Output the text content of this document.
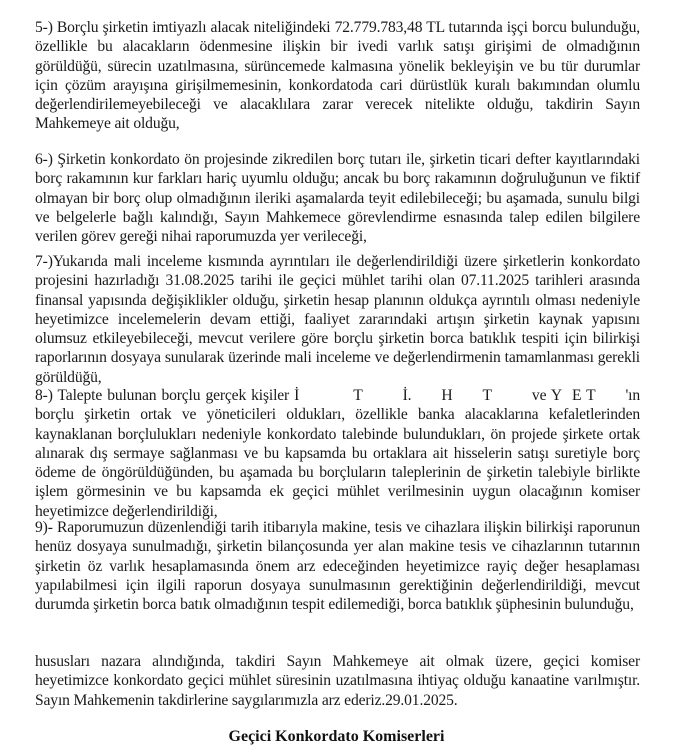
5-) Borçlu şirketin imtiyazlı alacak niteliğindeki 72.779.783,48 TL tutarında işçi borcu bulunduğu, özellikle bu alacakların ödenmesine ilişkin bir ivedi varlık satışı girişimi de olmadığının görüldüğü, sürecin uzatılmasına, sürüncemede kalmasına yönelik bekleyişin ve bu tür durumlar için çözüm arayışına girişilmemesinin, konkordatoda cari dürüstlük kuralı bakımından olumlu değerlendirilemeyebileceği ve alacaklılara zarar verecek nitelikte olduğu, takdirin Sayın Mahkemeye ait olduğu,

6-) Şirketin konkordato ön projesinde zikredilen borç tutarı ile, şirketin ticari defter kayıtlarındaki borç rakamının kur farkları hariç uyumlu olduğu; ancak bu borç rakamının doğruluğunun ve fiktif olmayan bir borç olup olmadığının ileriki aşamalarda teyit edilebileceği; bu aşamada, sunulu bilgi ve belgelerle bağlı kalındığı, Sayın Mahkemece görevlendirme esnasında talep edilen bilgilere verilen görev gereği nihai raporumuzda yer verileceği,

7-)Yukarıda mali inceleme kısmında ayrıntıları ile değerlendirildiği üzere şirketlerin konkordato projesini hazırladığı 31.08.2025 tarihi ile geçici mühlet tarihi olan 07.11.2025 tarihleri arasında finansal yapısında değişiklikler olduğu, şirketin hesap planının oldukça ayrıntılı olması nedeniyle heyetimizce incelemelerin devam ettiği, faaliyet zararındaki artışın şirketin kaynak yapısını olumsuz etkileyebileceği, mevcut verilere göre borçlu şirketin borca batıklık tespiti için bilirkişi raporlarının dosyaya sunularak üzerinde mali inceleme ve değerlendirmenin tamamlanması gerekli görüldüğü,

8-) Talepte bulunan borçlu gerçek kişiler İ	T	İ. H T	ve Y E T 'ın borçlu şirketin ortak ve yöneticileri oldukları, özellikle banka alacaklarına kefaletlerinden kaynaklanan borçlulukları nedeniyle konkordato talebinde bulundukları, ön projede şirkete ortak alınarak dış sermaye sağlanması ve bu kapsamda bu ortaklara ait hisselerin satışı suretiyle borç ödeme de öngörüldüğünden, bu aşamada bu borçluların taleplerinin de şirketin talebiyle birlikte işlem görmesinin ve bu kapsamda ek geçici mühlet verilmesinin uygun olacağının komiser heyetimizce değerlendirildiği,

9)- Raporumuzun düzenlendiği tarih itibarıyla makine, tesis ve cihazlara ilişkin bilirkişi raporunun henüz dosyaya sunulmadığı, şirketin bilançosunda yer alan makine tesis ve cihazlarının tutarının şirketin öz varlık hesaplamasında önem arz edeceğinden heyetimizce rayiç değer hesaplaması yapılabilmesi için ilgili raporun dosyaya sunulmasının gerektiğinin değerlendirildiği, mevcut durumda şirketin borca batık olmadığının tespit edilemediği, borca batıklık şüphesinin bulunduğu,

hususları nazara alındığında, takdiri Sayın Mahkemeye ait olmak üzere, geçici komiser heyetimizce konkordato geçici mühlet süresinin uzatılmasına ihtiyaç olduğu kanaatine varılmıştır. Sayın Mahkemenin takdirlerine saygılarımızla arz ederiz.29.01.2025.

Geçici Konkordato Komiserleri
